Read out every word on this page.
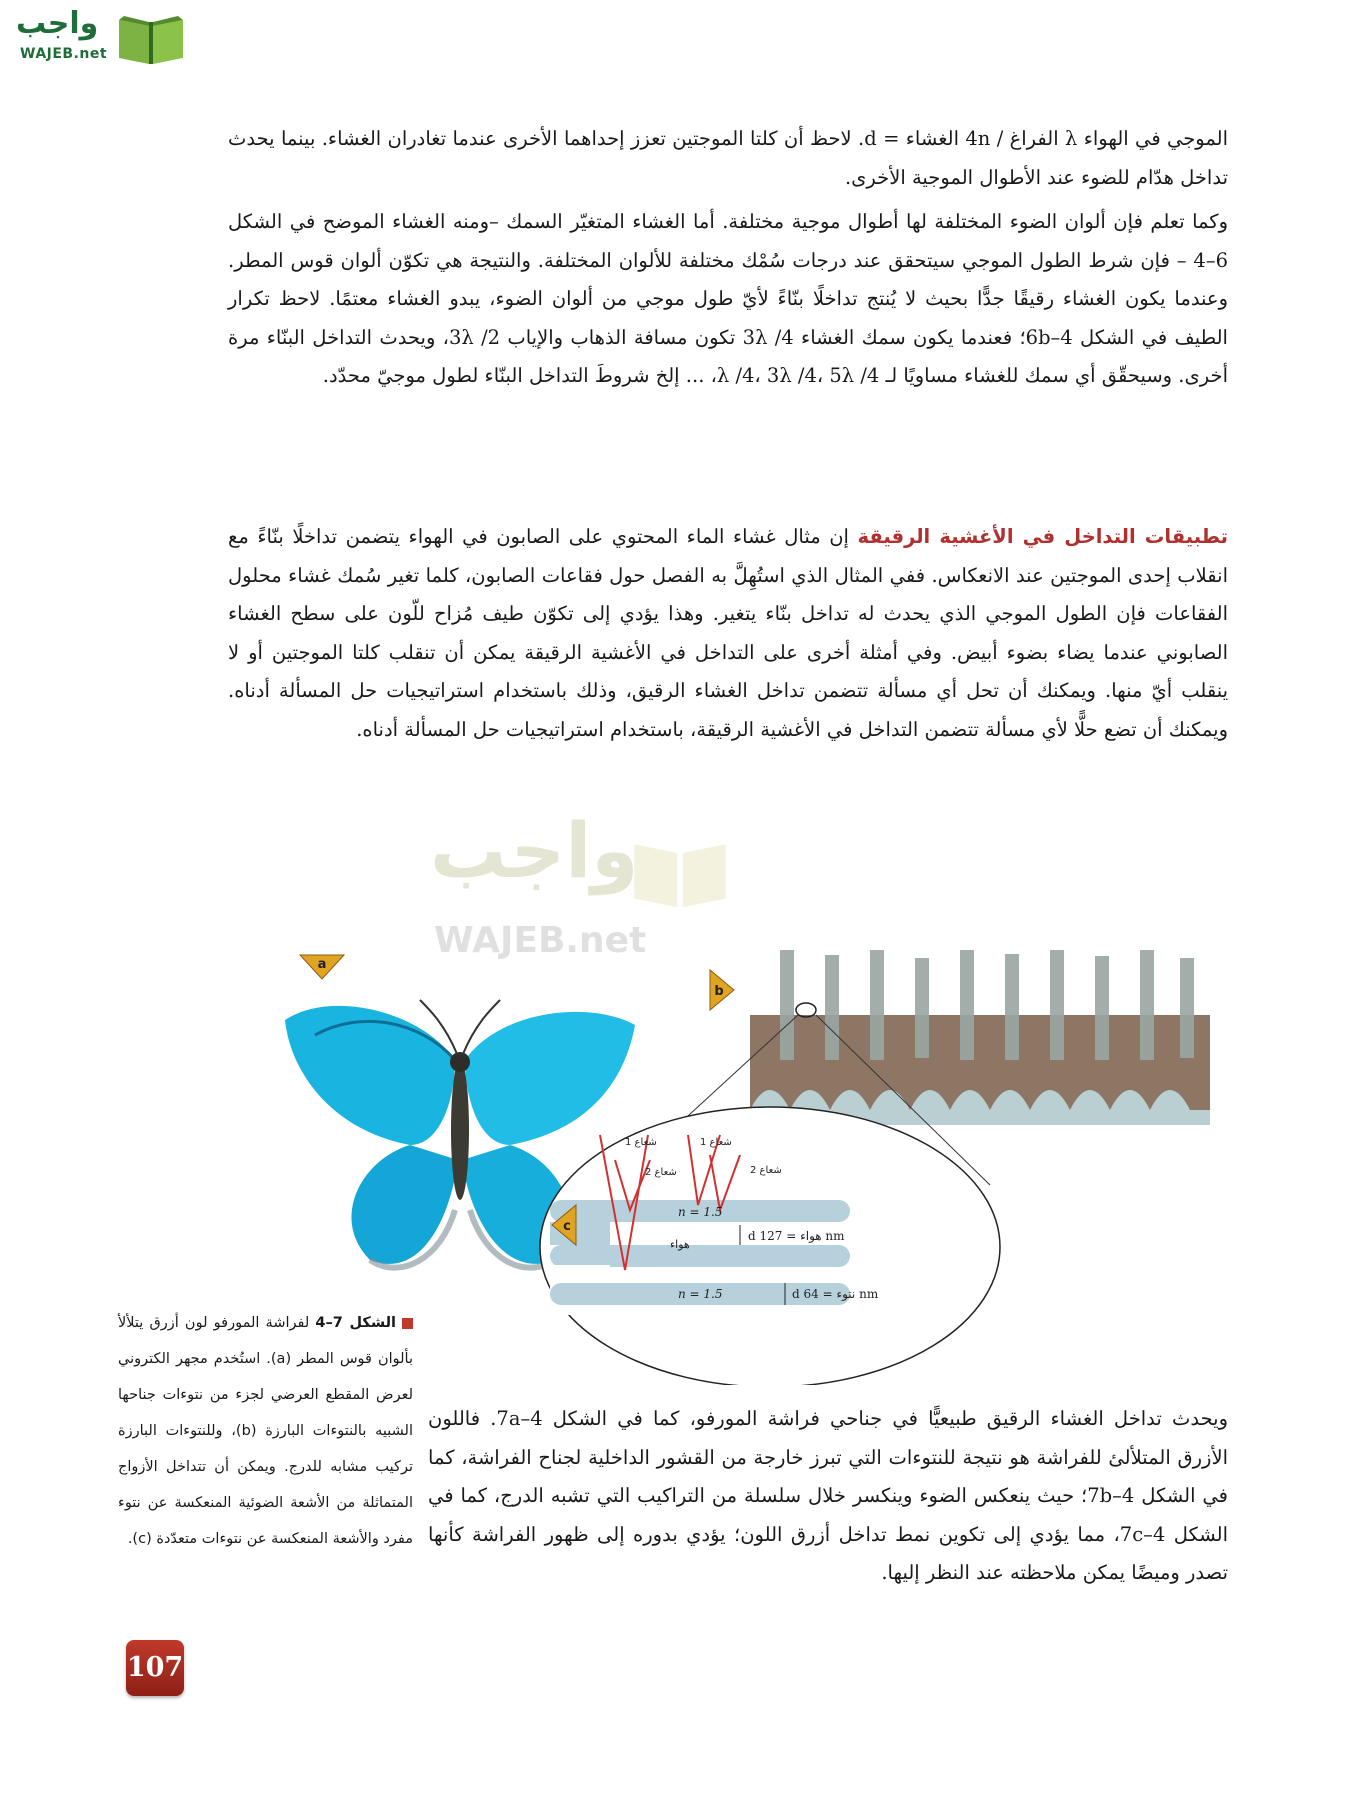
واجب
WAJEB.net

الموجي في الهواء λ الفراغ / 4n الغشاء = d. لاحظ أن كلتا الموجتين تعزز إحداهما الأخرى عندما تغادران الغشاء. بينما يحدث تداخل هدّام للضوء عند الأطوال الموجية الأخرى.

وكما تعلم فإن ألوان الضوء المختلفة لها أطوال موجية مختلفة. أما الغشاء المتغيّر السمك –ومنه الغشاء الموضح في الشكل 6–4 – فإن شرط الطول الموجي سيتحقق عند درجات سُمْك مختلفة للألوان المختلفة. والنتيجة هي تكوّن ألوان قوس المطر. وعندما يكون الغشاء رقيقًا جدًّا بحيث لا يُنتج تداخلًا بنّاءً لأيّ طول موجي من ألوان الضوء، يبدو الغشاء معتمًا. لاحظ تكرار الطيف في الشكل 6b–4؛ فعندما يكون سمك الغشاء 3λ /4 تكون مسافة الذهاب والإياب 3λ /2، ويحدث التداخل البنّاء مرة أخرى. وسيحقّق أي سمك للغشاء مساويًا لـ λ /4، 3λ /4، 5λ /4، ... إلخ شروطَ التداخل البنّاء لطول موجيّ محدّد.

تطبيقات التداخل في الأغشية الرقيقة إن مثال غشاء الماء المحتوي على الصابون في الهواء يتضمن تداخلًا بنّاءً مع انقلاب إحدى الموجتين عند الانعكاس. ففي المثال الذي استُهِلَّ به الفصل حول فقاعات الصابون، كلما تغير سُمك غشاء محلول الفقاعات فإن الطول الموجي الذي يحدث له تداخل بنّاء يتغير. وهذا يؤدي إلى تكوّن طيف مُزاح للّون على سطح الغشاء الصابوني عندما يضاء بضوء أبيض. وفي أمثلة أخرى على التداخل في الأغشية الرقيقة يمكن أن تنقلب كلتا الموجتين أو لا ينقلب أيّ منها. ويمكنك أن تحل أي مسألة تتضمن تداخل الغشاء الرقيق، وذلك باستخدام استراتيجيات حل المسألة أدناه. ويمكنك أن تضع حلًّا لأي مسألة تتضمن التداخل في الأغشية الرقيقة، باستخدام استراتيجيات حل المسألة أدناه.

واجب
WAJEB.net
a
b
شعاع 1
شعاع 2
شعاع 1
شعاع 2
n = 1.5
هواء
n = 1.5
d هواء = 127 nm
d نتوء = 64 nm
c
الشكل 7–4 لفراشة المورفو لون أزرق يتلألأ بألوان قوس المطر (a). استُخدم مجهر الكتروني لعرض المقطع العرضي لجزء من نتوءات جناحها الشبيه بالنتوءات البارزة (b)، وللنتوءات البارزة تركيب مشابه للدرج. ويمكن أن تتداخل الأزواج المتماثلة من الأشعة الضوئية المنعكسة عن نتوء مفرد والأشعة المنعكسة عن نتوءات متعدّدة (c).

ويحدث تداخل الغشاء الرقيق طبيعيًّا في جناحي فراشة المورفو، كما في الشكل 7a–4. فاللون الأزرق المتلألئ للفراشة هو نتيجة للنتوءات التي تبرز خارجة من القشور الداخلية لجناح الفراشة، كما في الشكل 7b–4؛ حيث ينعكس الضوء وينكسر خلال سلسلة من التراكيب التي تشبه الدرج، كما في الشكل 7c–4، مما يؤدي إلى تكوين نمط تداخل أزرق اللون؛ يؤدي بدوره إلى ظهور الفراشة كأنها تصدر وميضًا يمكن ملاحظته عند النظر إليها.

107
